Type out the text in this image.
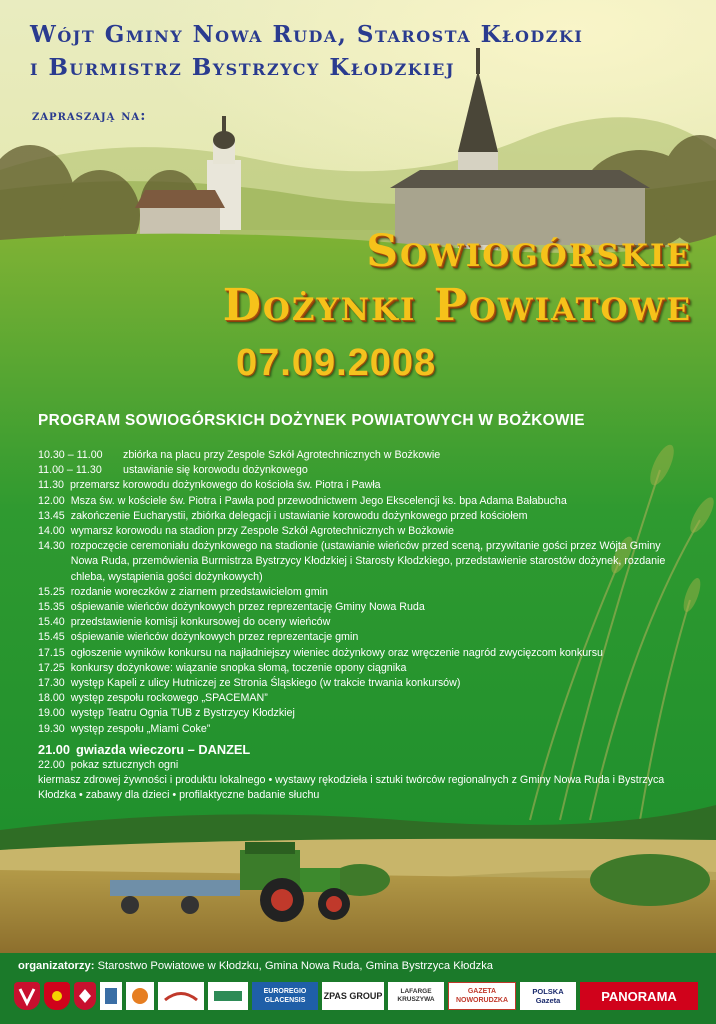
Wójt Gminy Nowa Ruda, Starosta Kłodzki
i Burmistrz Bystrzycy Kłodzkiej
zapraszają na:
Sowiogórskie
Dożynki Powiatowe
07.09.2008
PROGRAM SOWIOGÓRSKICH DOŻYNEK POWIATOWYCH W BOŻKOWIE
10.30 – 11.00	zbiórka na placu przy Zespole Szkół Agrotechnicznych w Bożkowie
11.00 – 11.30	ustawianie się korowodu dożynkowego
11.30 przemarsz korowodu dożynkowego do kościoła św. Piotra i Pawła
12.00 Msza św. w kościele św. Piotra i Pawła pod przewodnictwem Jego Ekscelencji ks. bpa Adama Bałabucha
13.45 zakończenie Eucharystii, zbiórka delegacji i ustawianie korowodu dożynkowego przed kościołem
14.00 wymarsz korowodu na stadion przy Zespole Szkół Agrotechnicznych w Bożkowie
14.30 rozpoczęcie ceremoniału dożynkowego na stadionie (ustawianie wieńców przed sceną, przywitanie gości przez Wójta Gminy Nowa Ruda, przemówienia Burmistrza Bystrzycy Kłodzkiej i Starosty Kłodzkiego, przedstawienie starostów dożynek, rozdanie chleba, wystąpienia gości dożynkowych)
15.25 rozdanie woreczków z ziarnem przedstawicielom gmin
15.35 ośpiewanie wieńców dożynkowych przez reprezentację Gminy Nowa Ruda
15.40 przedstawienie komisji konkursowej do oceny wieńców
15.45 ośpiewanie wieńców dożynkowych przez reprezentacje gmin
17.15 ogłoszenie wyników konkursu na najładniejszy wieniec dożynkowy oraz wręczenie nagród zwycięzcom konkursu
17.25 konkursy dożynkowe: wiązanie snopka słomą, toczenie opony ciągnika
17.30 występ Kapeli z ulicy Hutniczej ze Stronia Śląskiego (w trakcie trwania konkursów)
18.00 występ zespołu rockowego „SPACEMAN”
19.00 występ Teatru Ognia TUB z Bystrzycy Kłodzkiej
19.30 występ zespołu „Miami Coke”
21.00 gwiazda wieczoru – DANZEL
22.00 pokaz sztucznych ogni
kiermasz zdrowej żywności i produktu lokalnego • wystawy rękodzieła i sztuki twórców regionalnych z Gminy Nowa Ruda i Bystrzyca Kłodzka • zabawy dla dzieci • profilaktyczne badanie słuchu
organizatorzy: Starostwo Powiatowe w Kłodzku, Gmina Nowa Ruda, Gmina Bystrzyca Kłodzka
EUROREGIO GLACENSIS	ZPAS GROUP	LAFARGE KRUSZYWA
GAZETA NOWORUDZKA
POLSKA Gazeta	PANORAMA
